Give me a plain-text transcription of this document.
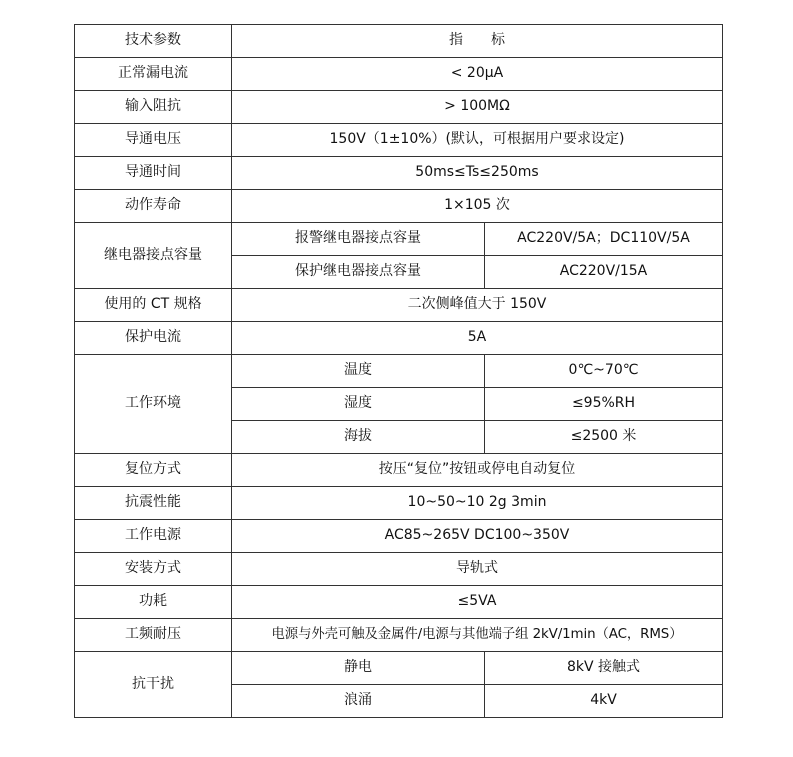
技术参数	指　　标	
正常漏电流	< 20μA	
输入阻抗	> 100MΩ	
导通电压	150V（1±10%）(默认，可根据用户要求设定)	
导通时间	50ms≤Ts≤250ms	
动作寿命	1×105 次	
继电器接点容量	报警继电器接点容量	AC220V/5A；DC110V/5A
	保护继电器接点容量	AC220V/15A
使用的 CT 规格	二次侧峰值大于 150V	
保护电流	5A	
工作环境	温度	0℃~70℃
	湿度	≤95%RH
	海拔	≤2500 米
复位方式	按压“复位”按钮或停电自动复位	
抗震性能	10~50~10 2g 3min	
工作电源	AC85~265V DC100~350V	
安装方式	导轨式	
功耗	≤5VA	
工频耐压	电源与外壳可触及金属件/电源与其他端子组 2kV/1min（AC，RMS）	
抗干扰	静电	8kV 接触式
	浪涌	4kV
